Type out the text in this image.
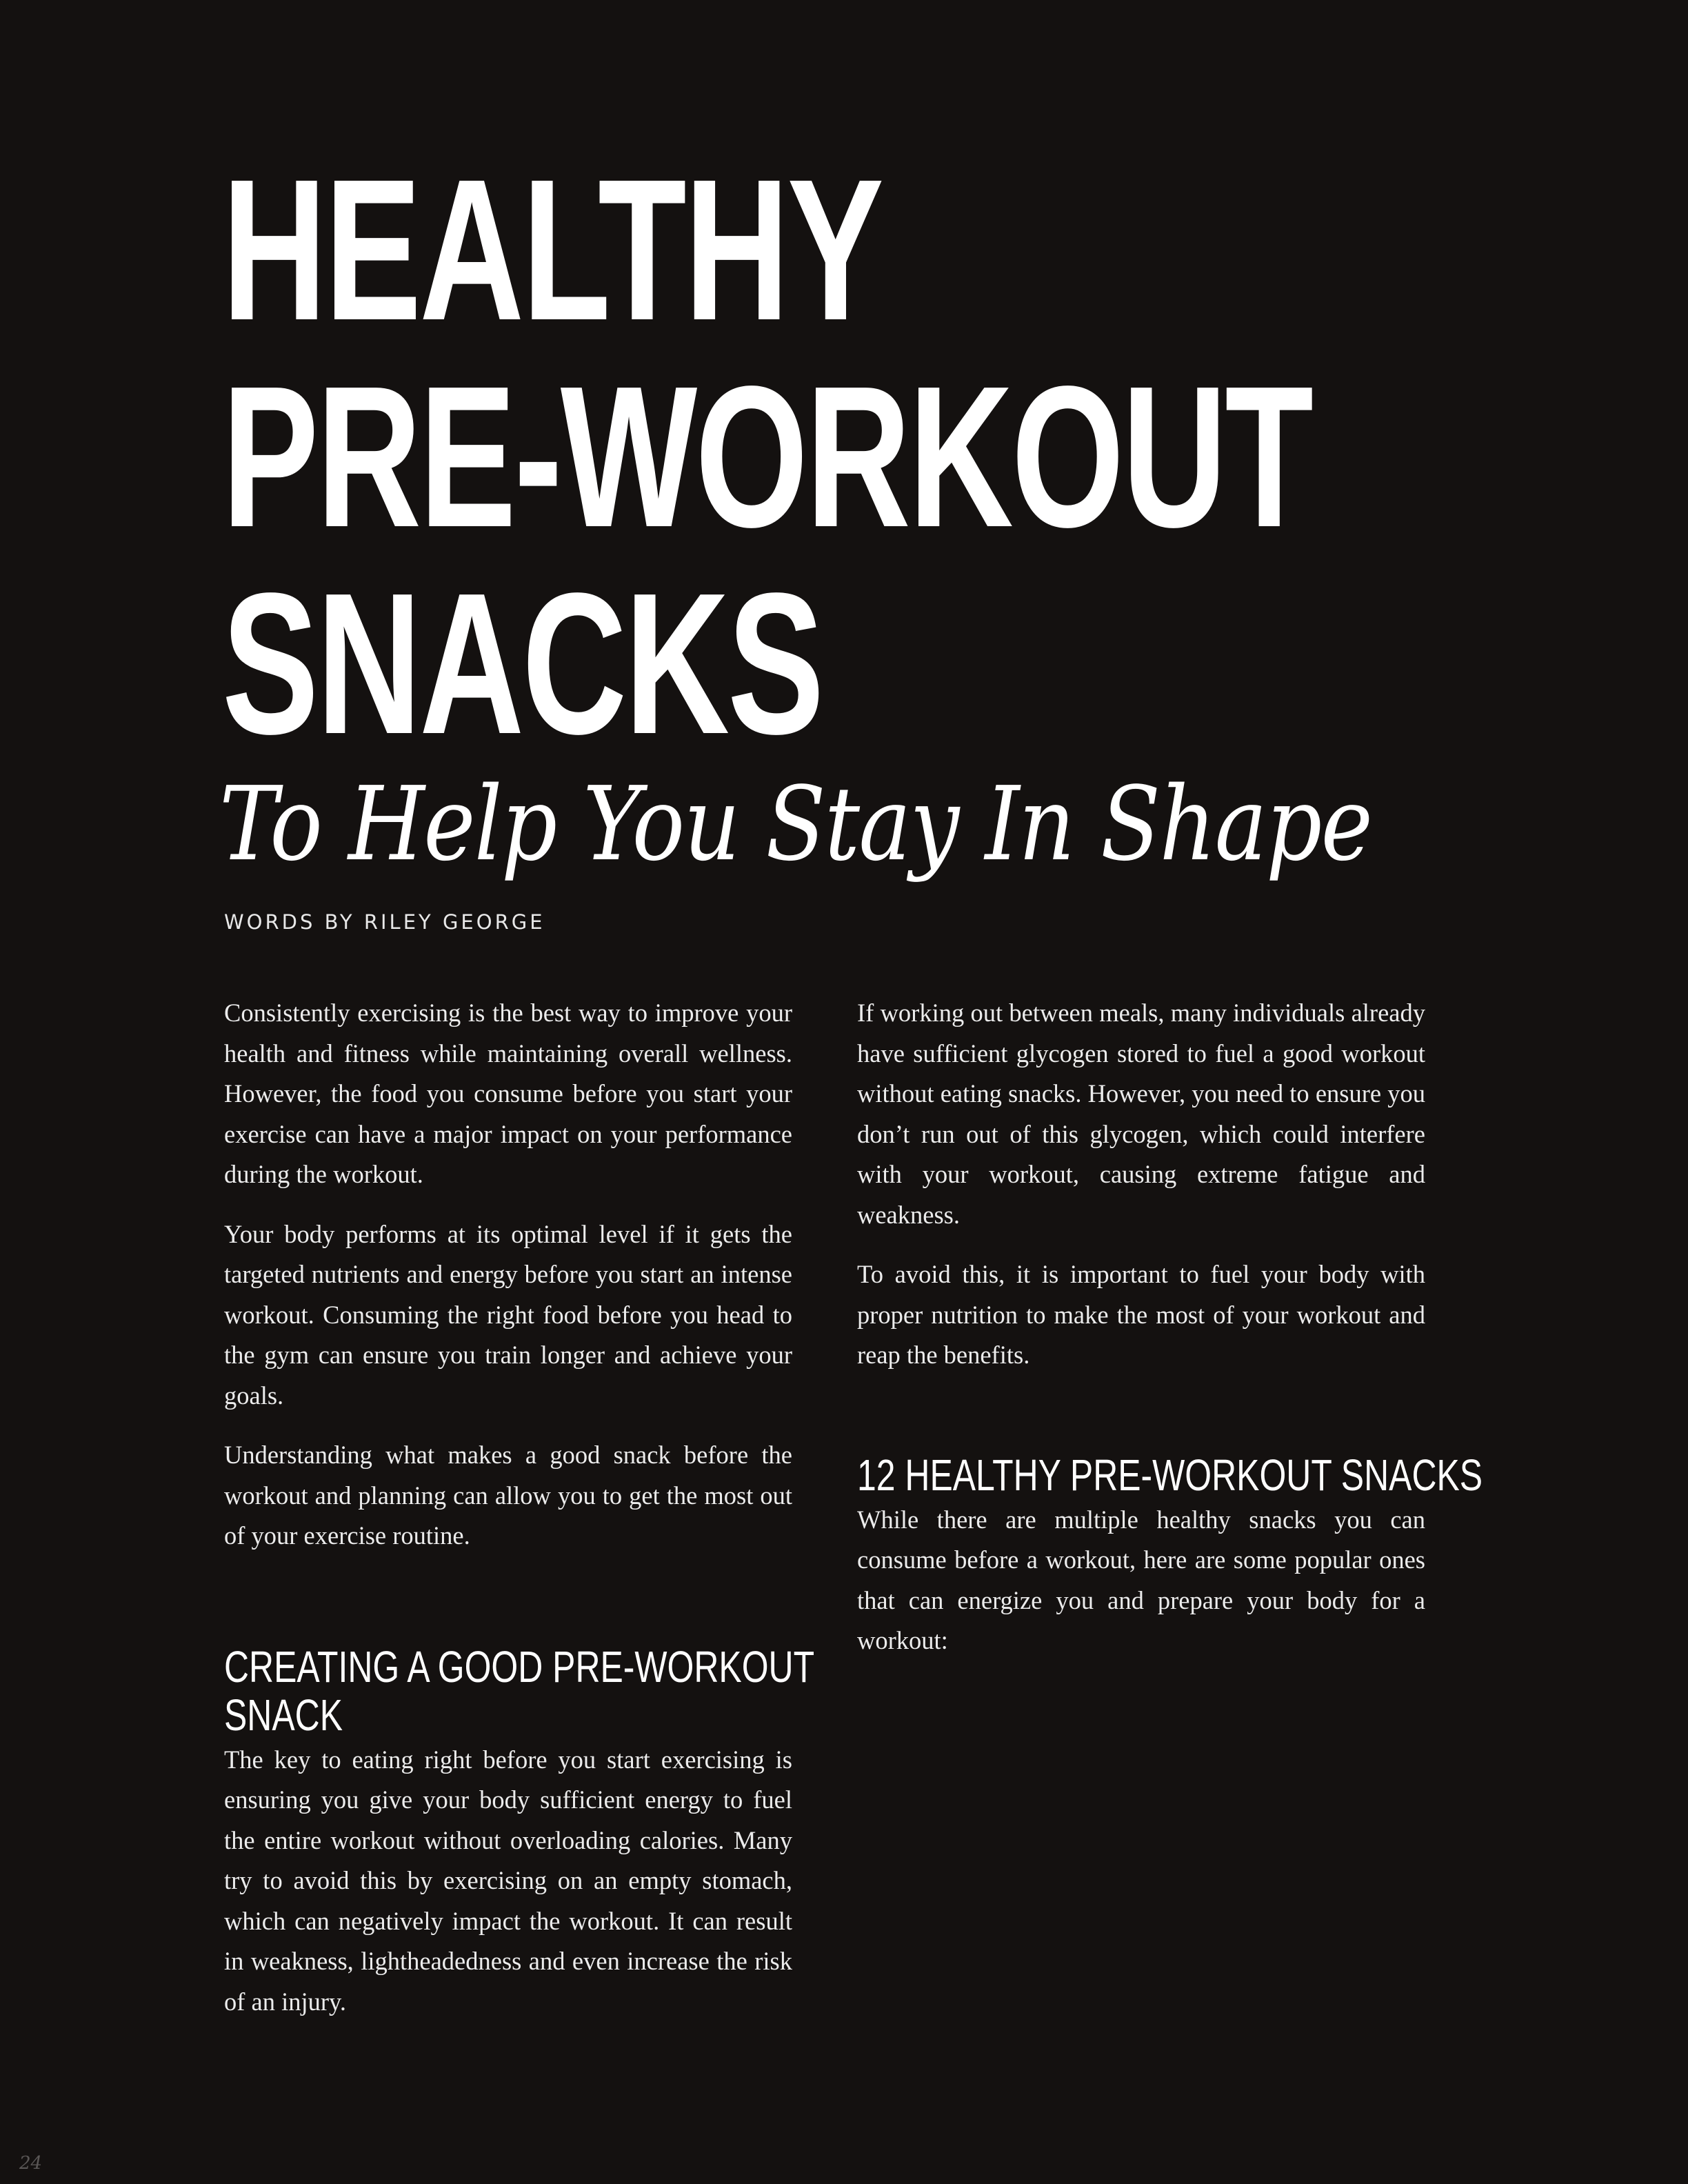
HEALTHY
PRE-WORKOUT
SNACKS
To Help You Stay In Shape
WORDS BY RILEY GEORGE

Consistently exercising is the best way to improve your health and fitness while maintaining overall wellness. However, the food you consume before you start your exercise can have a major impact on your performance during the workout.

Your body performs at its optimal level if it gets the targeted nutrients and energy before you start an intense workout. Consuming the right food before you head to the gym can ensure you train longer and achieve your goals.

Understanding what makes a good snack before the workout and planning can allow you to get the most out of your exercise routine.

CREATING A GOOD PRE-WORKOUT
SNACK

The key to eating right before you start exercising is ensuring you give your body sufficient energy to fuel the entire workout without overloading calories. Many try to avoid this by exercising on an empty stomach, which can negatively impact the workout. It can result in weakness, lightheadedness and even increase the risk of an injury.

If working out between meals, many individuals already have sufficient glycogen stored to fuel a good workout without eating snacks. However, you need to ensure you don’t run out of this glycogen, which could interfere with your workout, causing extreme fatigue and weakness.

To avoid this, it is important to fuel your body with proper nutrition to make the most of your workout and reap the benefits.

12 HEALTHY PRE-WORKOUT SNACKS

While there are multiple healthy snacks you can consume before a workout, here are some popular ones that can energize you and prepare your body for a workout:

24
